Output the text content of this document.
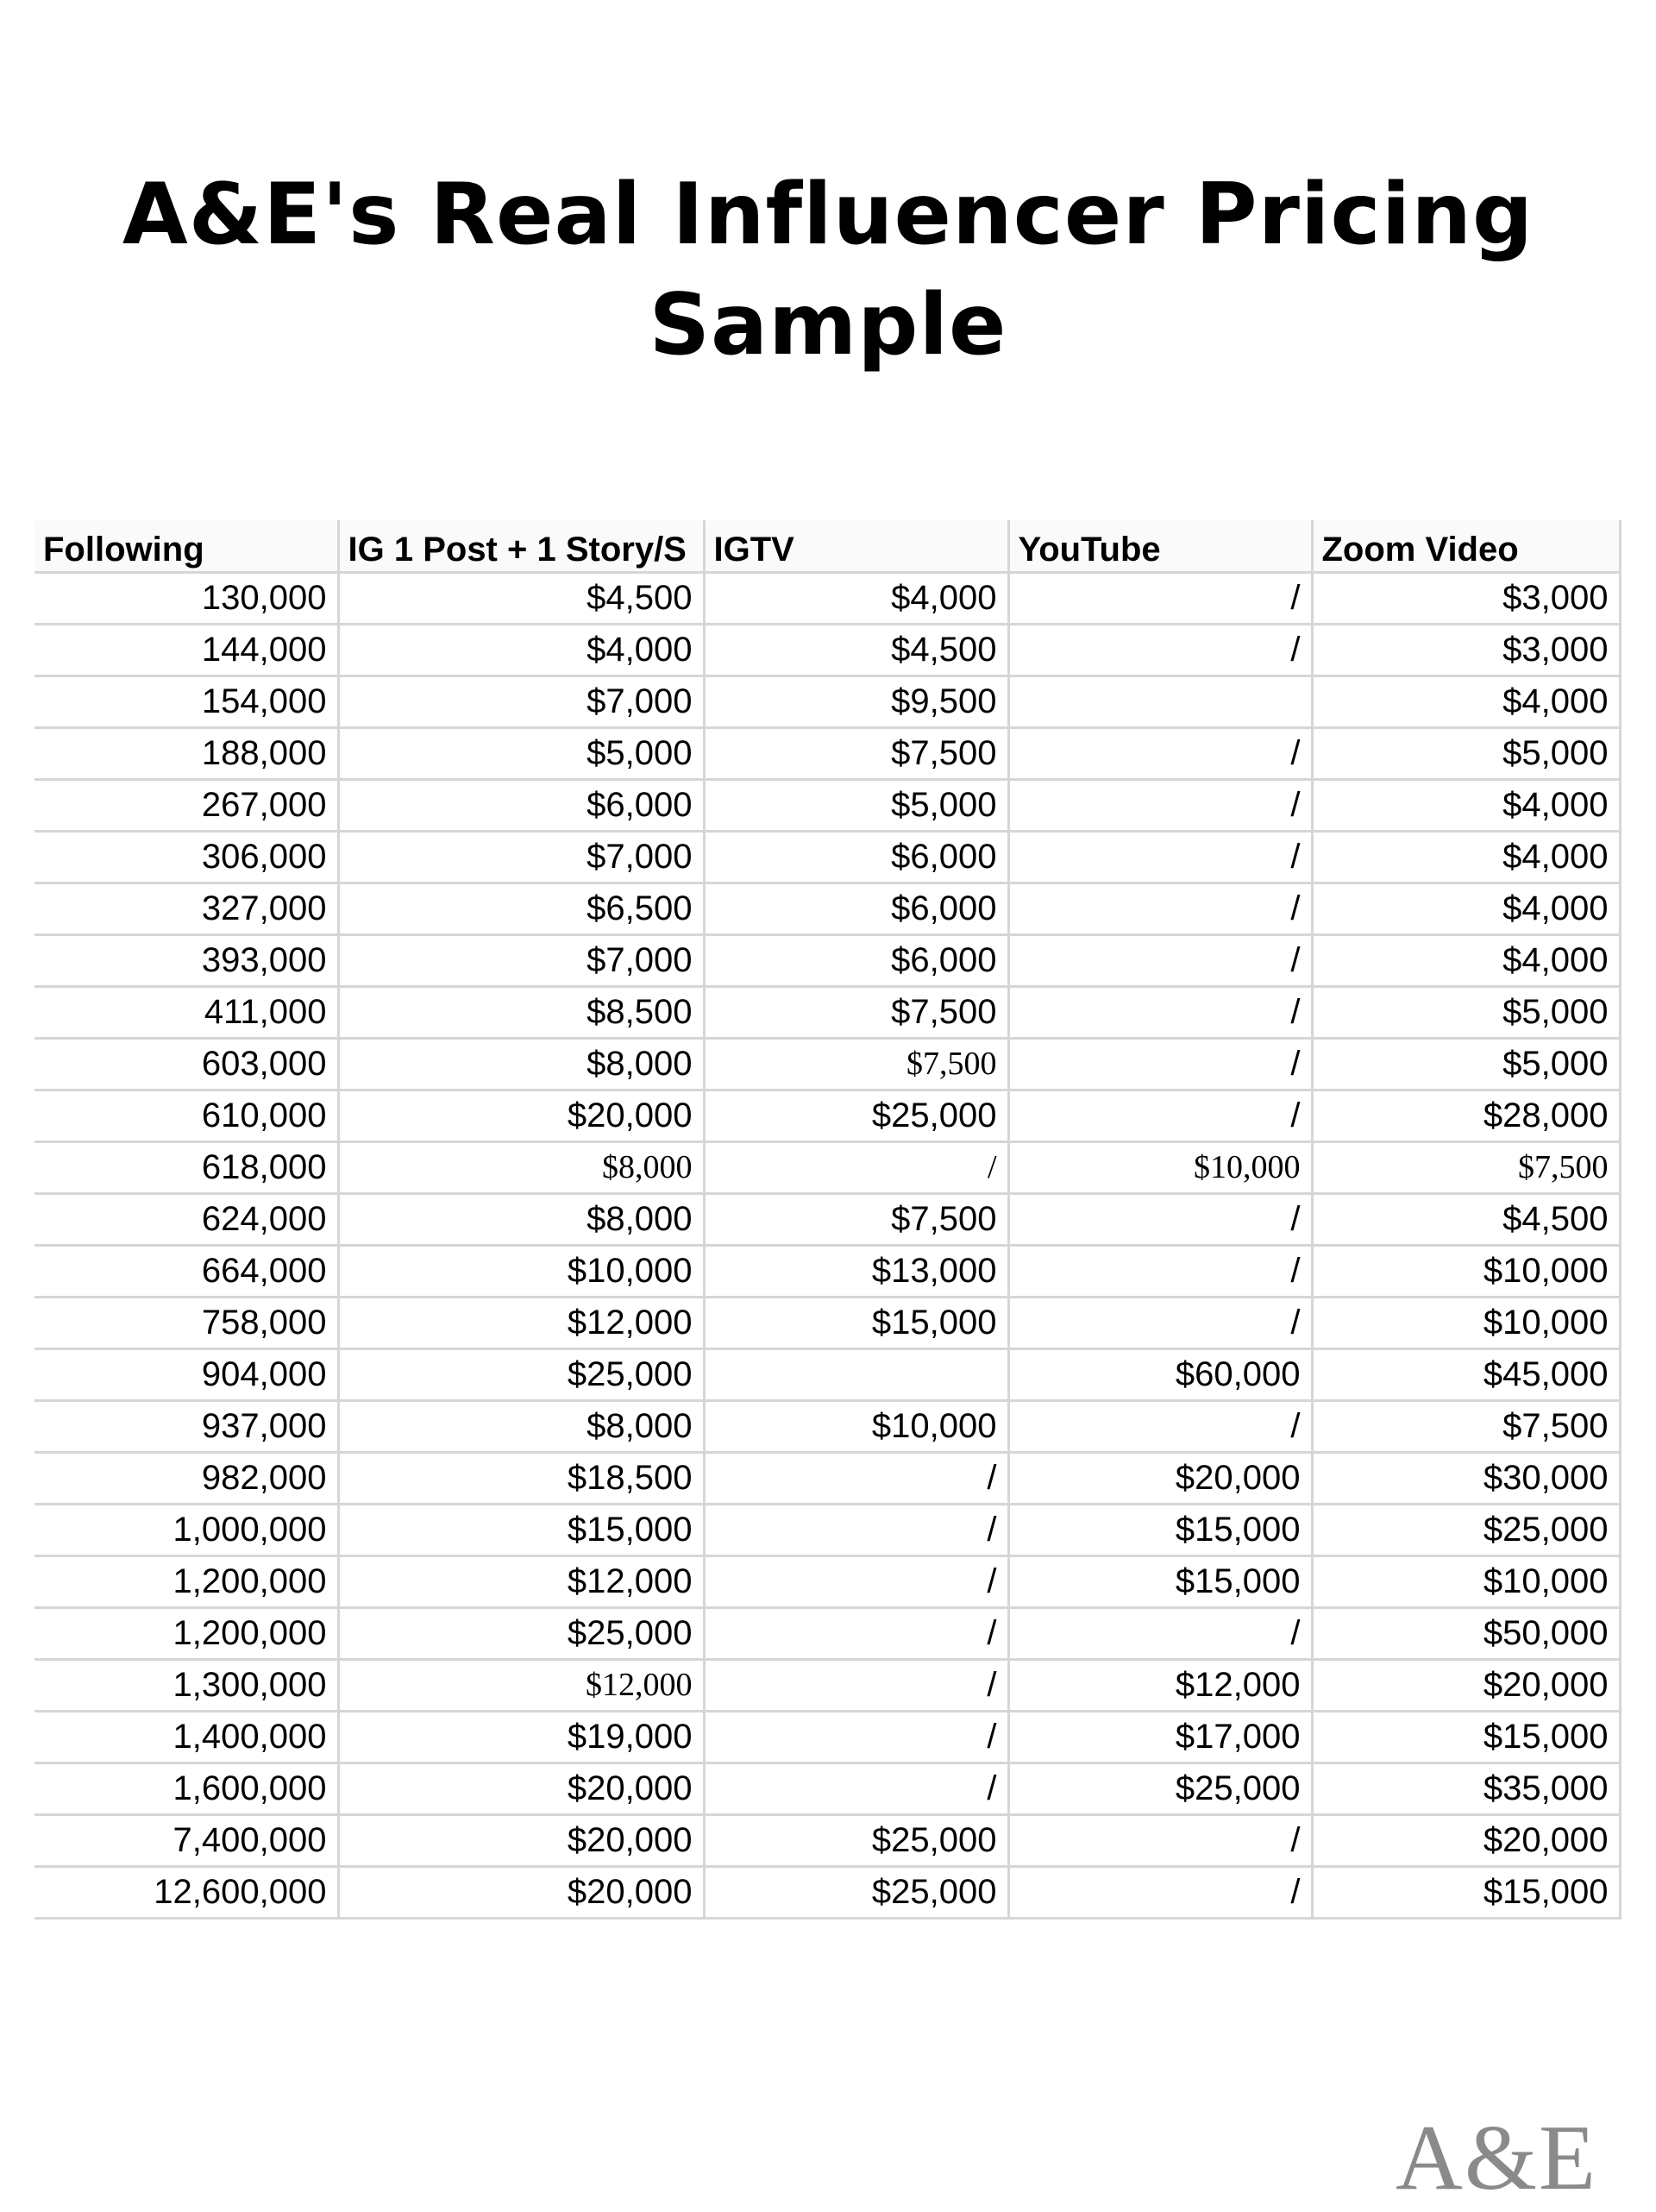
A&E's Real Influencer Pricing
Sample
Following	IG 1 Post + 1 Story/S	IGTV	YouTube	Zoom Video
130,000	$4,500	$4,000	/	$3,000
144,000	$4,000	$4,500	/	$3,000
154,000	$7,000	$9,500		$4,000
188,000	$5,000	$7,500	/	$5,000
267,000	$6,000	$5,000	/	$4,000
306,000	$7,000	$6,000	/	$4,000
327,000	$6,500	$6,000	/	$4,000
393,000	$7,000	$6,000	/	$4,000
411,000	$8,500	$7,500	/	$5,000
603,000	$8,000	$7,500	/	$5,000
610,000	$20,000	$25,000	/	$28,000
618,000	$8,000	/	$10,000	$7,500
624,000	$8,000	$7,500	/	$4,500
664,000	$10,000	$13,000	/	$10,000
758,000	$12,000	$15,000	/	$10,000
904,000	$25,000		$60,000	$45,000
937,000	$8,000	$10,000	/	$7,500
982,000	$18,500	/	$20,000	$30,000
1,000,000	$15,000	/	$15,000	$25,000
1,200,000	$12,000	/	$15,000	$10,000
1,200,000	$25,000	/	/	$50,000
1,300,000	$12,000	/	$12,000	$20,000
1,400,000	$19,000	/	$17,000	$15,000
1,600,000	$20,000	/	$25,000	$35,000
7,400,000	$20,000	$25,000	/	$20,000
12,600,000	$20,000	$25,000	/	$15,000
A&E
